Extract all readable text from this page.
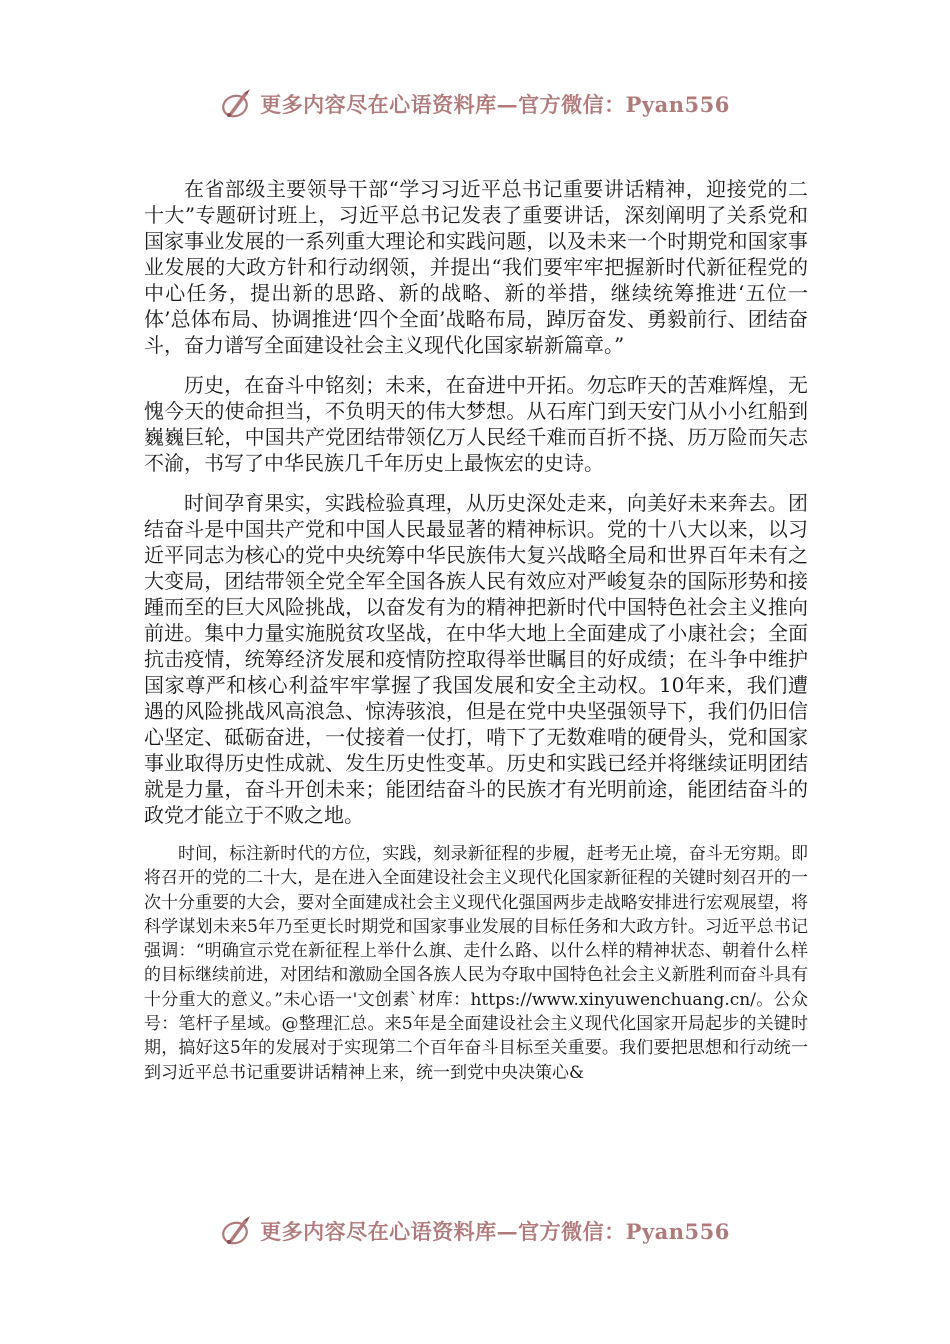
更多内容尽在心语资料库—官方微信：Pyan556

在省部级主要领导干部“学习习近平总书记重要讲话精神，迎接党的二十大”专题研讨班上，习近平总书记发表了重要讲话，深刻阐明了关系党和国家事业发展的一系列重大理论和实践问题，以及未来一个时期党和国家事业发展的大政方针和行动纲领，并提出“我们要牢牢把握新时代新征程党的中心任务，提出新的思路、新的战略、新的举措，继续统筹推进‘五位一体’总体布局、协调推进‘四个全面’战略布局，踔厉奋发、勇毅前行、团结奋斗，奋力谱写全面建设社会主义现代化国家崭新篇章。”

历史，在奋斗中铭刻；未来，在奋进中开拓。勿忘昨天的苦难辉煌，无愧今天的使命担当，不负明天的伟大梦想。从石库门到天安门从小小红船到巍巍巨轮，中国共产党团结带领亿万人民经千难而百折不挠、历万险而矢志不渝，书写了中华民族几千年历史上最恢宏的史诗。

时间孕育果实，实践检验真理，从历史深处走来，向美好未来奔去。团结奋斗是中国共产党和中国人民最显著的精神标识。党的十八大以来，以习近平同志为核心的党中央统筹中华民族伟大复兴战略全局和世界百年未有之大变局，团结带领全党全军全国各族人民有效应对严峻复杂的国际形势和接踵而至的巨大风险挑战，以奋发有为的精神把新时代中国特色社会主义推向前进。集中力量实施脱贫攻坚战，在中华大地上全面建成了小康社会；全面抗击疫情，统筹经济发展和疫情防控取得举世瞩目的好成绩；在斗争中维护国家尊严和核心利益牢牢掌握了我国发展和安全主动权。10年来，我们遭遇的风险挑战风高浪急、惊涛骇浪，但是在党中央坚强领导下，我们仍旧信心坚定、砥砺奋进，一仗接着一仗打，啃下了无数难啃的硬骨头，党和国家事业取得历史性成就、发生历史性变革。历史和实践已经并将继续证明团结就是力量，奋斗开创未来；能团结奋斗的民族才有光明前途，能团结奋斗的政党才能立于不败之地。

时间，标注新时代的方位，实践，刻录新征程的步履，赶考无止境，奋斗无穷期。即将召开的党的二十大，是在进入全面建设社会主义现代化国家新征程的关键时刻召开的一次十分重要的大会，要对全面建成社会主义现代化强国两步走战略安排进行宏观展望，将科学谋划未来5年乃至更长时期党和国家事业发展的目标任务和大政方针。习近平总书记强调：“明确宣示党在新征程上举什么旗、走什么路、以什么样的精神状态、朝着什么样的目标继续前进，对团结和激励全国各族人民为夺取中国特色社会主义新胜利而奋斗具有十分重大的意义。”未心语一'文创素`材库：https://www.xinyuwenchuang.cn/。公众号：笔杆子星域。@整理汇总。来5年是全面建设社会主义现代化国家开局起步的关键时期，搞好这5年的发展对于实现第二个百年奋斗目标至关重要。我们要把思想和行动统一到习近平总书记重要讲话精神上来，统一到党中央决策心&

更多内容尽在心语资料库—官方微信：Pyan556
